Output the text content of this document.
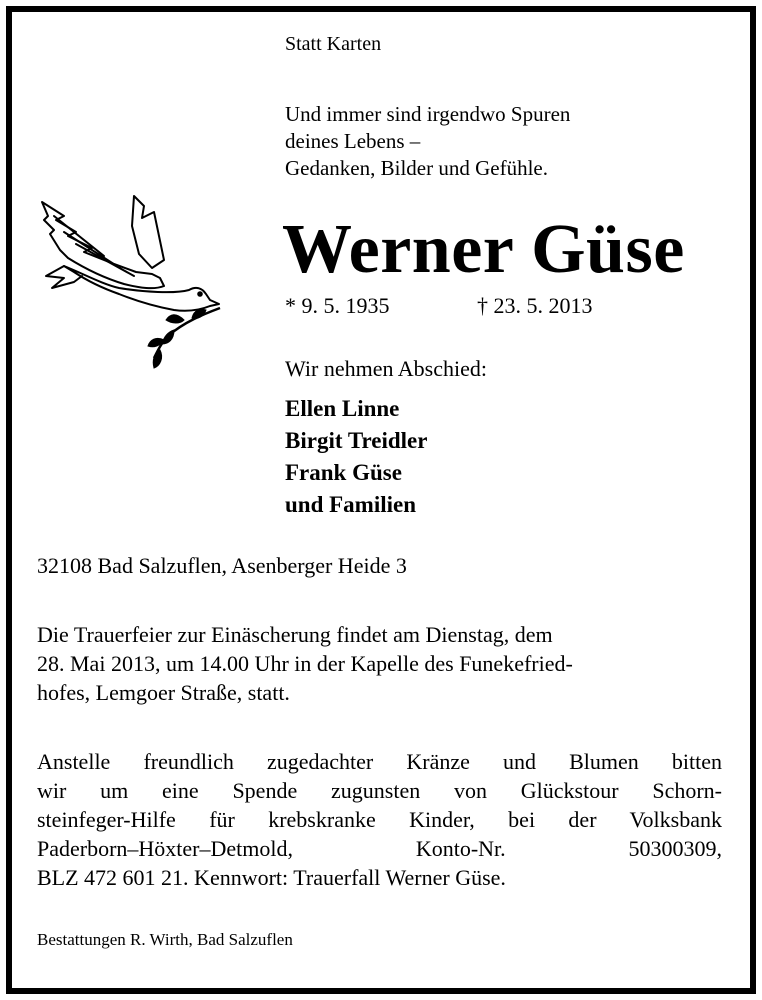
Statt Karten
Und immer sind irgendwo Spuren
deines Lebens –
Gedanken, Bilder und Gefühle.
Werner Güse
* 9. 5. 1935	† 23. 5. 2013
Wir nehmen Abschied:
Ellen Linne
Birgit Treidler
Frank Güse
und Familien
32108 Bad Salzuflen, Asenberger Heide 3
Die Trauerfeier zur Einäscherung findet am Dienstag, dem
28. Mai 2013, um 14.00 Uhr in der Kapelle des Funekefried-
hofes, Lemgoer Straße, statt.
Anstelle freundlich zugedachter Kränze und Blumen bitten
wir um eine Spende zugunsten von Glückstour Schorn-
steinfeger-Hilfe für krebskranke Kinder, bei der Volksbank
Paderborn–Höxter–Detmold, Konto-Nr. 50300309,
BLZ 472 601 21. Kennwort: Trauerfall Werner Güse.
Bestattungen R. Wirth, Bad Salzuflen
